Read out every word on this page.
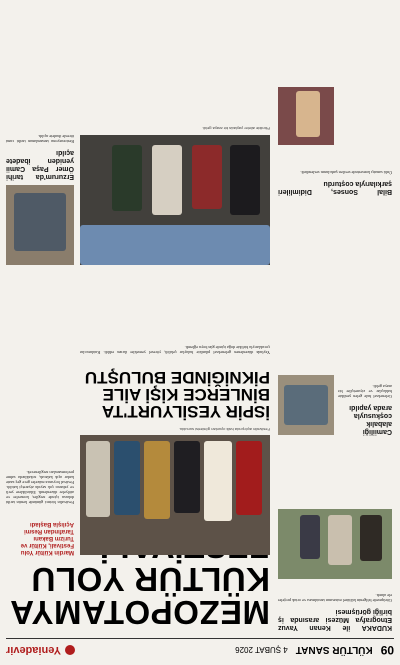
09
KÜLTÜR SANAT
4 ŞUBAT 2026
Yeniadevir
KUDAKA ile Kenan Yavuz Etnografya Müzesi arasında iş birliği görüşmesi
Görüşmede bölgenin kültürel mirasının tanıtılması ve ortak projeler ele alındı.
Camiiliği alabalık coşkusuyla arada yapıldı
Geleneksel hale gelen şenlikte balıkçılar ve ziyaretçiler bir araya geldi.
Bilal Sonses, Didimlileri şarkılarıyla coşturdu
Ünlü sanatçı konserinde sevilen şarkılarını seslendirdi.
MEZOPOTAMYA KÜLTÜR YOLU
Festivalin açılışında halk oyunları gösterisi sunuldu.
Mardin Kültür Yolu Festivali, Kültür ve Turizm Bakanı Tarafından Resmi Açılışla Başladı
Festivalin birinci gününde kentin tarihi dokusu içinde sergiler, konserler ve atölyeler düzenlendi. Etkinliklere yerli ve yabancı çok sayıda ziyaretçi katıldı. Festival boyunca müzeler gece geç saate kadar açık kalacak, sokaklarda sahne performansları sergilenecek.
İSPİR YESİLYURT'TA
BİNLERCE KİŞİ AİLE
PİKNİĞİNDE BULUŞTU
Yaylada düzenlenen geleneksel piknikte halaylar çekildi, yöresel yemekler ikram edildi. Katılımcılar çocuklarıyla birlikte doğa içinde gün boyu eğlendi.
Piknikte aileler yaylada bir araya geldi.
Erzurum'da tarihi Ömer Paşa Camii yeniden ibadete açıldı
Restorasyonu tamamlanan tarihi cami törenle ibadete açıldı.
